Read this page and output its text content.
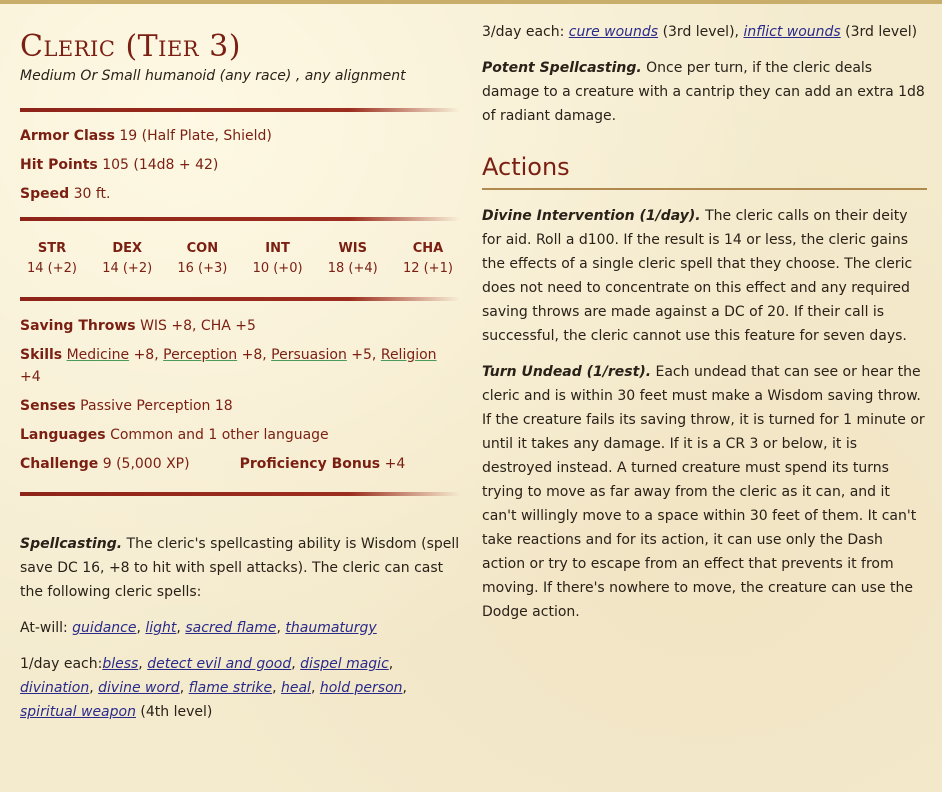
Cleric (Tier 3)
Medium Or Small humanoid (any race) , any alignment
Armor Class 19 (Half Plate, Shield)
Hit Points 105 (14d8 + 42)
Speed 30 ft.
STR
14 (+2)
DEX
14 (+2)
CON
16 (+3)
INT
10 (+0)
WIS
18 (+4)
CHA
12 (+1)
Saving Throws WIS +8, CHA +5
Skills Medicine +8, Perception +8, Persuasion +5, Religion +4
Senses Passive Perception 18
Languages Common and 1 other language
Challenge 9 (5,000 XP)	Proficiency Bonus +4

Spellcasting. The cleric's spellcasting ability is Wisdom (spell save DC 16, +8 to hit with spell attacks). The cleric can cast the following cleric spells:

At-will: guidance, light, sacred flame, thaumaturgy

1/day each:bless, detect evil and good, dispel magic, divination, divine word, flame strike, heal, hold person, spiritual weapon (4th level)

3/day each: cure wounds (3rd level), inflict wounds (3rd level)

Potent Spellcasting. Once per turn, if the cleric deals damage to a creature with a cantrip they can add an extra 1d8 of radiant damage.

Actions

Divine Intervention (1/day). The cleric calls on their deity for aid. Roll a d100. If the result is 14 or less, the cleric gains the effects of a single cleric spell that they choose. The cleric does not need to concentrate on this effect and any required saving throws are made against a DC of 20. If their call is successful, the cleric cannot use this feature for seven days.

Turn Undead (1/rest). Each undead that can see or hear the cleric and is within 30 feet must make a Wisdom saving throw. If the creature fails its saving throw, it is turned for 1 minute or until it takes any damage. If it is a CR 3 or below, it is destroyed instead. A turned creature must spend its turns trying to move as far away from the cleric as it can, and it can't willingly move to a space within 30 feet of them. It can't take reactions and for its action, it can use only the Dash action or try to escape from an effect that prevents it from moving. If there's nowhere to move, the creature can use the Dodge action.
